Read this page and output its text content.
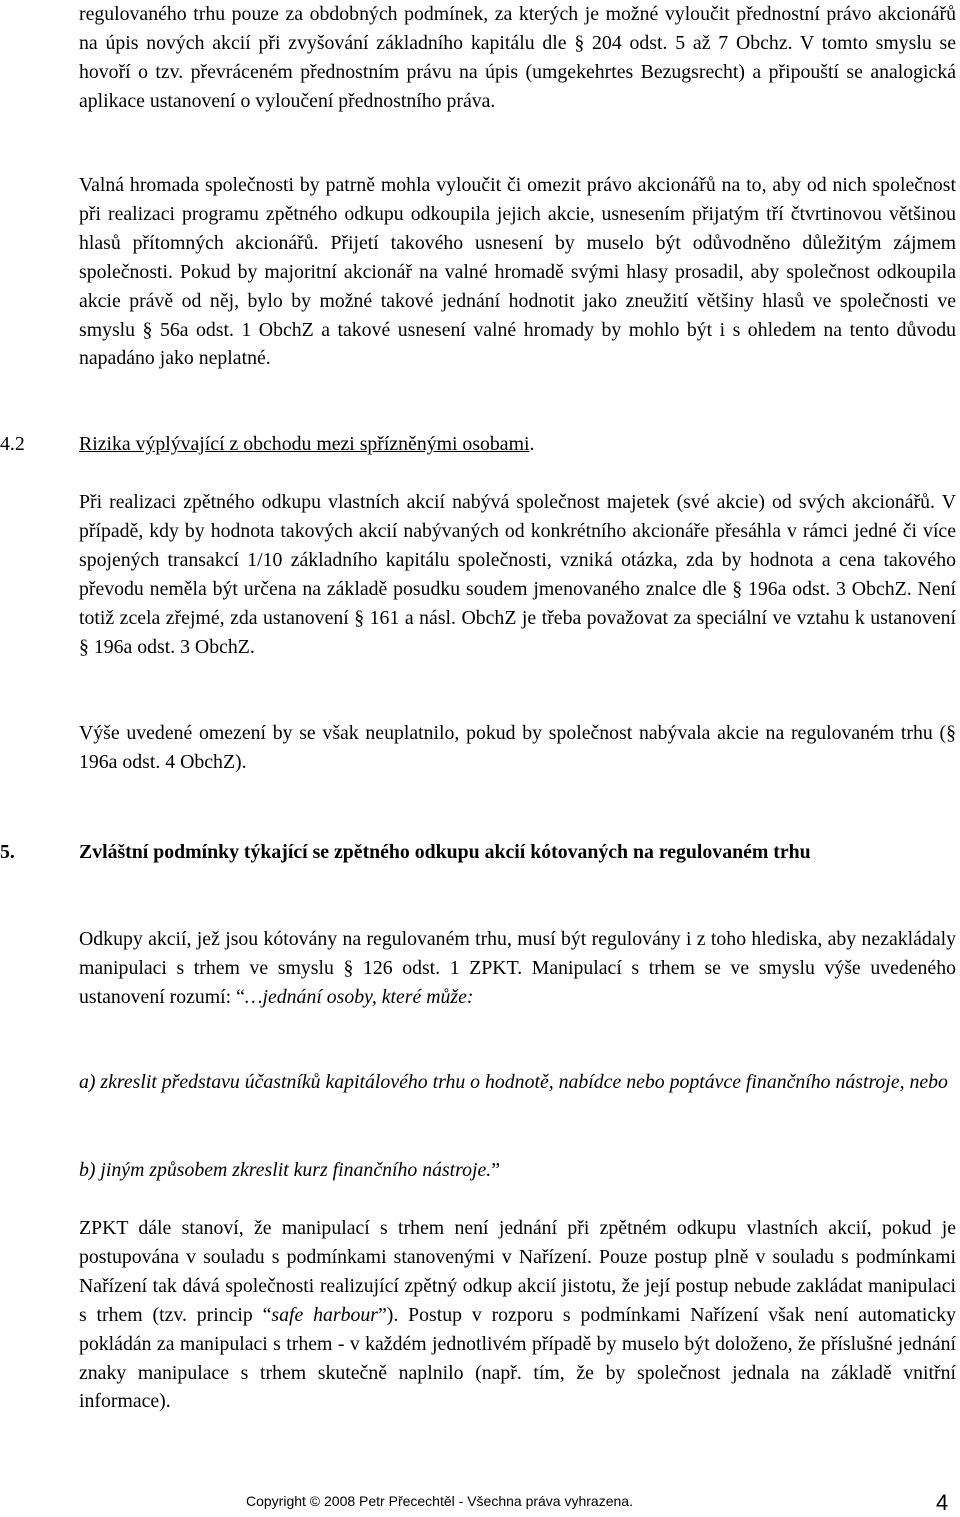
regulovaného trhu pouze za obdobných podmínek, za kterých je možné vyloučit přednostní právo akcionářů na úpis nových akcií při zvyšování základního kapitálu dle § 204 odst. 5 až 7 Obchz. V tomto smyslu se hovoří o tzv. převráceném přednostním právu na úpis (umgekehrtes Bezugsrecht) a připouští se analogická aplikace ustanovení o vyloučení přednostního práva.

Valná hromada společnosti by patrně mohla vyloučit či omezit právo akcionářů na to, aby od nich společnost při realizaci programu zpětného odkupu odkoupila jejich akcie, usnesením přijatým tří čtvrtinovou většinou hlasů přítomných akcionářů. Přijetí takového usnesení by muselo být odůvodněno důležitým zájmem společnosti. Pokud by majoritní akcionář na valné hromadě svými hlasy prosadil, aby společnost odkoupila akcie právě od něj, bylo by možné takové jednání hodnotit jako zneužití většiny hlasů ve společnosti ve smyslu § 56a odst. 1 ObchZ a takové usnesení valné hromady by mohlo být i s ohledem na tento důvodu napadáno jako neplatné.

4.2	Rizika výplývající z obchodu mezi spřízněnými osobami.

Při realizaci zpětného odkupu vlastních akcií nabývá společnost majetek (své akcie) od svých akcionářů. V případě, kdy by hodnota takových akcií nabývaných od konkrétního akcionáře přesáhla v rámci jedné či více spojených transakcí 1/10 základního kapitálu společnosti, vzniká otázka, zda by hodnota a cena takového převodu neměla být určena na základě posudku soudem jmenovaného znalce dle § 196a odst. 3 ObchZ. Není totiž zcela zřejmé, zda ustanovení § 161 a násl. ObchZ je třeba považovat za speciální ve vztahu k ustanovení § 196a odst. 3 ObchZ.

Výše uvedené omezení by se však neuplatnilo, pokud by společnost nabývala akcie na regulovaném trhu (§ 196a odst. 4 ObchZ).

5.	Zvláštní podmínky týkající se zpětného odkupu akcií kótovaných na regulovaném trhu

Odkupy akcií, jež jsou kótovány na regulovaném trhu, musí být regulovány i z toho hlediska, aby nezakládaly manipulaci s trhem ve smyslu § 126 odst. 1 ZPKT. Manipulací s trhem se ve smyslu výše uvedeného ustanovení rozumí: “…jednání osoby, které může:

a) zkreslit představu účastníků kapitálového trhu o hodnotě, nabídce nebo poptávce finančního nástroje, nebo

b) jiným způsobem zkreslit kurz finančního nástroje.”

ZPKT dále stanoví, že manipulací s trhem není jednání při zpětném odkupu vlastních akcií, pokud je postupována v souladu s podmínkami stanovenými v Nařízení. Pouze postup plně v souladu s podmínkami Nařízení tak dává společnosti realizující zpětný odkup akcií jistotu, že její postup nebude zakládat manipulaci s trhem (tzv. princip “safe harbour”). Postup v rozporu s podmínkami Nařízení však není automaticky pokládán za manipulaci s trhem - v každém jednotlivém případě by muselo být doloženo, že příslušné jednání znaky manipulace s trhem skutečně naplnilo (např. tím, že by společnost jednala na základě vnitřní informace).

Copyright © 2008 Petr Přecechtěl - Všechna práva vyhrazena.	4
